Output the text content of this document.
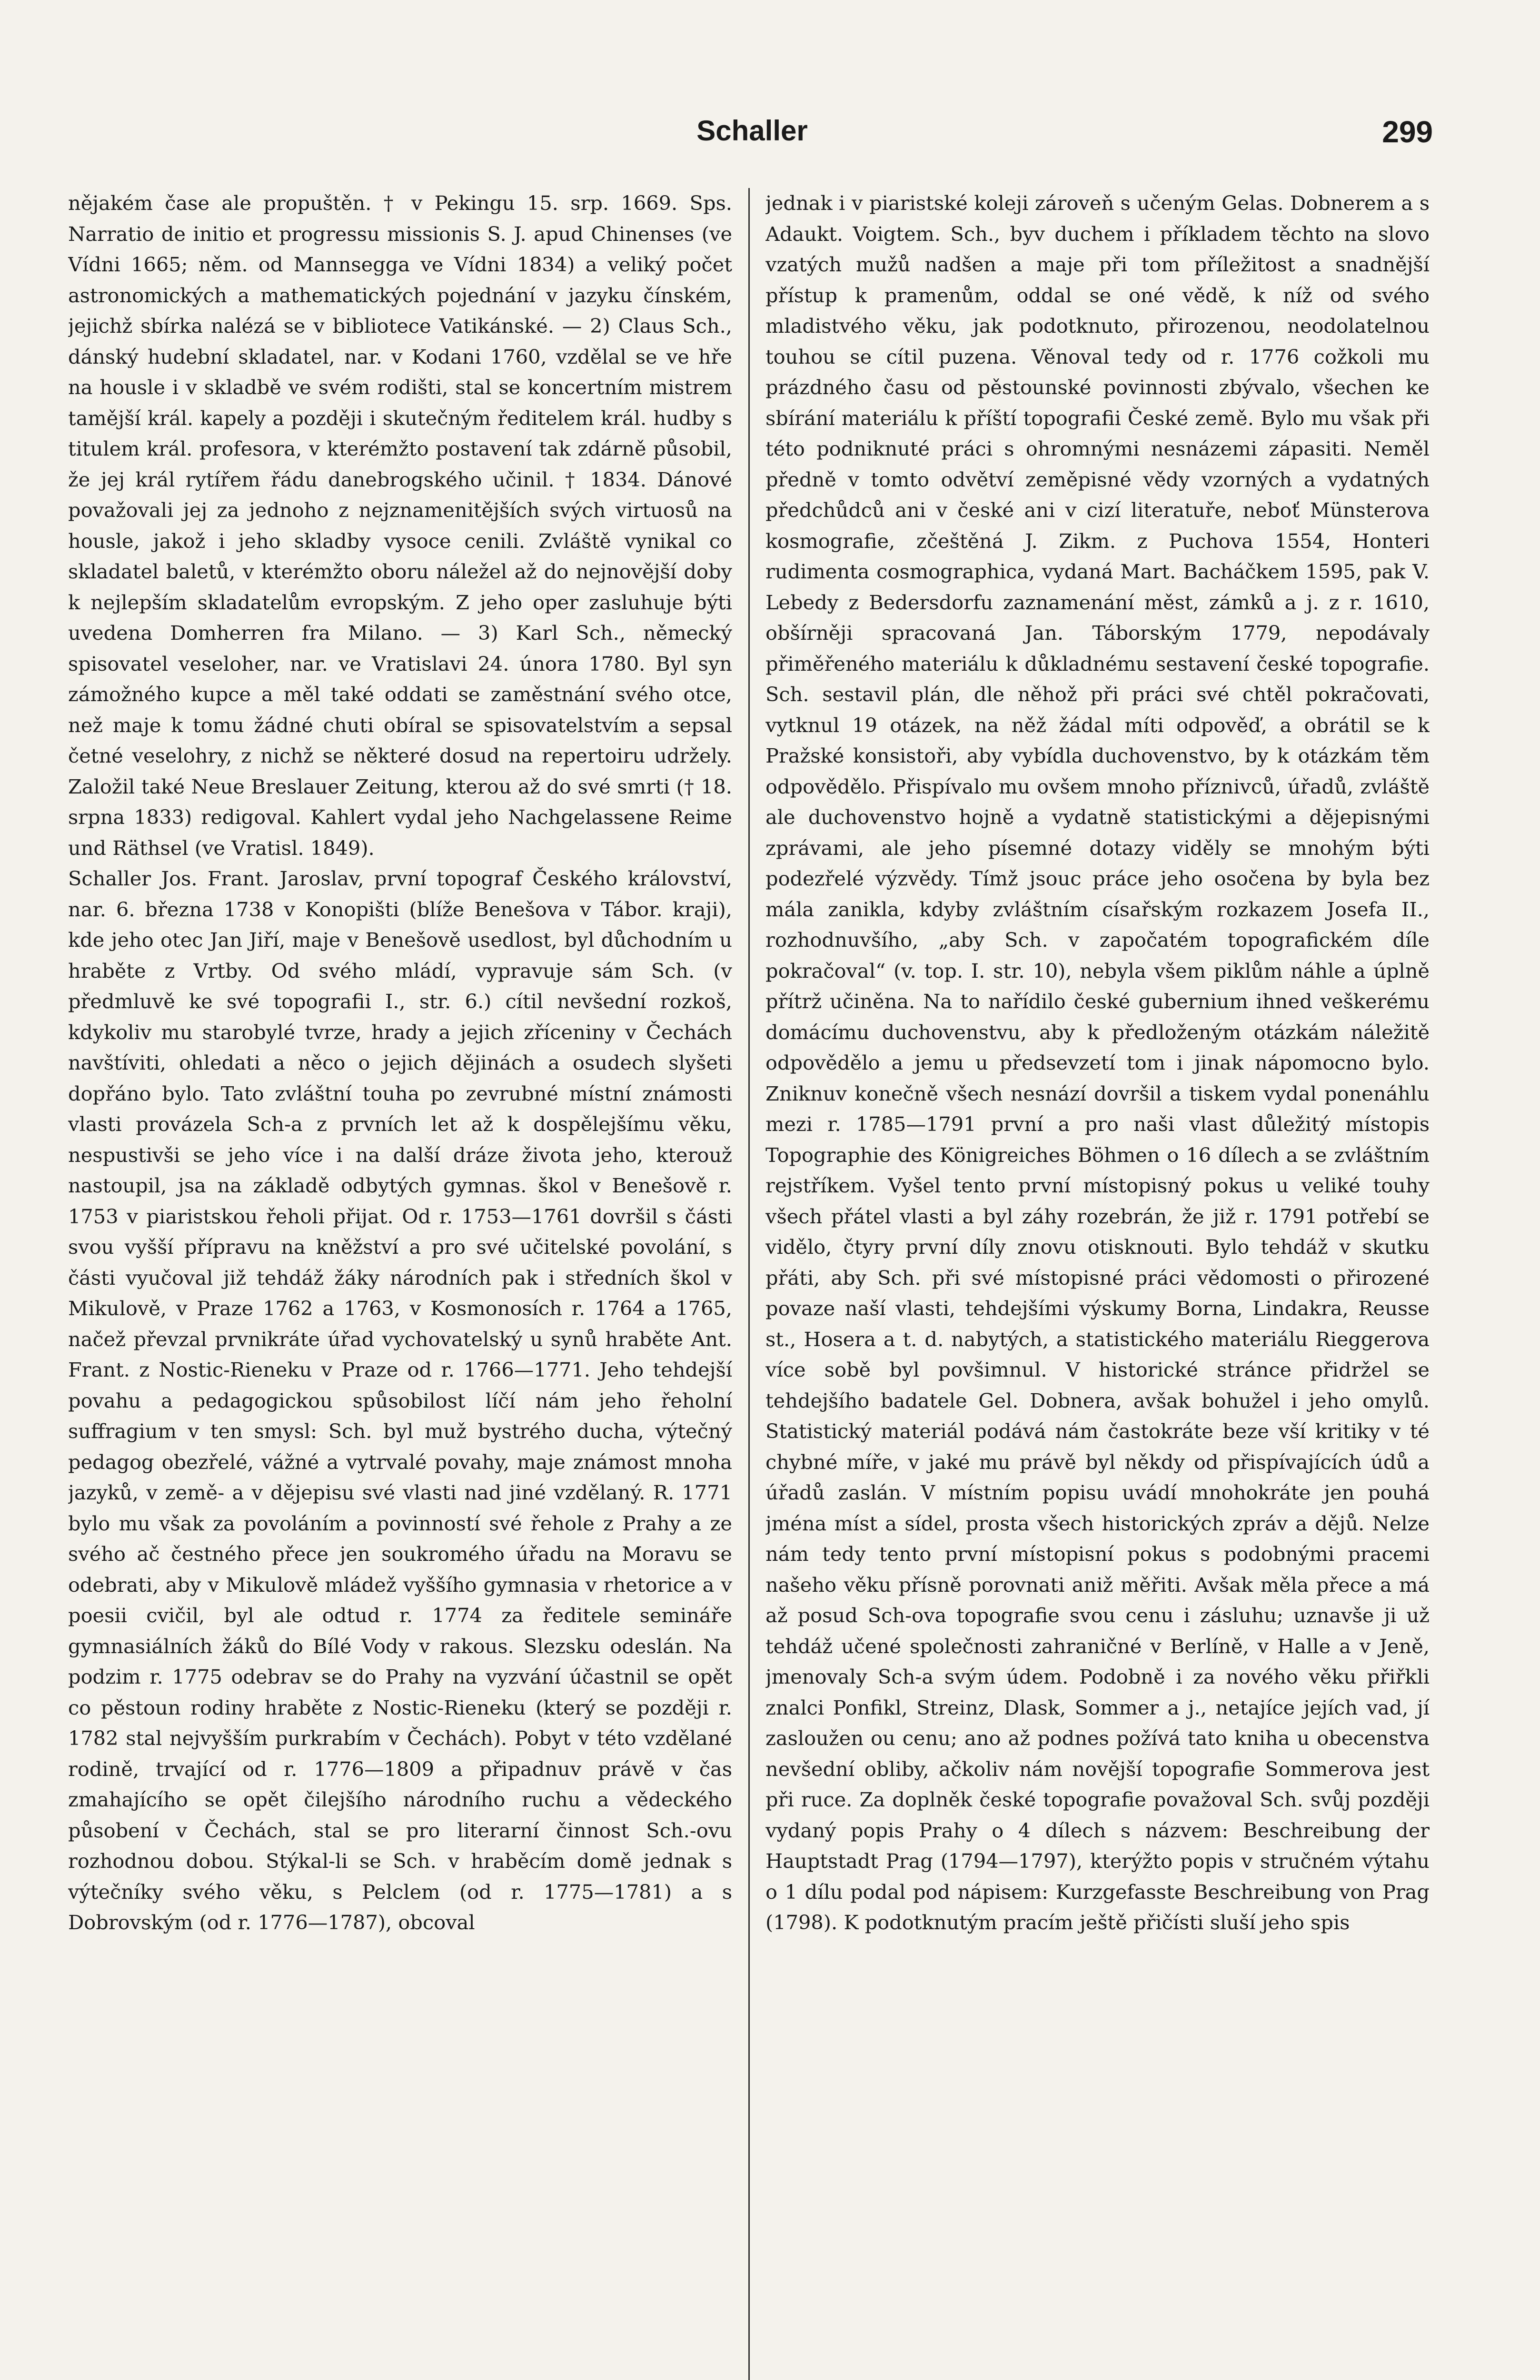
Schaller	299

nějakém čase ale propuštěn. † v Pekingu 15. srp. 1669. Sps. Narratio de initio et progressu missionis S. J. apud Chinenses (ve Vídni 1665; něm. od Mannsegga ve Vídni 1834) a veliký počet astronomických a mathematických pojednání v jazyku čínském, jejichž sbírka nalézá se v bibliotece Vatikánské. — 2) Claus Sch., dánský hudební skladatel, nar. v Kodani 1760, vzdělal se ve hře na housle i v skladbě ve svém rodišti, stal se koncertním mistrem tamější král. kapely a později i skutečným ředitelem král. hudby s titulem král. profesora, v kterémžto postavení tak zdárně působil, že jej král rytířem řádu danebrogského učinil. † 1834. Dánové považovali jej za jednoho z nejznamenitějších svých virtuosů na housle, jakož i jeho skladby vysoce cenili. Zvláště vynikal co skladatel baletů, v kterémžto oboru náležel až do nejnovější doby k nejlepším skladatelům evropským. Z jeho oper zasluhuje býti uvedena Domherren fra Milano. — 3) Karl Sch., německý spisovatel veseloher, nar. ve Vratislavi 24. února 1780. Byl syn zámožného kupce a měl také oddati se zaměstnání svého otce, než maje k tomu žádné chuti obíral se spisovatelstvím a sepsal četné veselohry, z nichž se některé dosud na repertoiru udržely. Založil také Neue Breslauer Zeitung, kterou až do své smrti († 18. srpna 1833) redigoval. Kahlert vydal jeho Nachgelassene Reime und Räthsel (ve Vratisl. 1849).

Schaller Jos. Frant. Jaroslav, první topograf Českého království, nar. 6. března 1738 v Konopišti (blíže Benešova v Tábor. kraji), kde jeho otec Jan Jiří, maje v Benešově usedlost, byl důchodním u hraběte z Vrtby. Od svého mládí, vypravuje sám Sch. (v předmluvě ke své topografii I., str. 6.) cítil nevšední rozkoš, kdykoliv mu starobylé tvrze, hrady a jejich zříceniny v Čechách navštíviti, ohledati a něco o jejich dějinách a osudech slyšeti dopřáno bylo. Tato zvláštní touha po zevrubné místní známosti vlasti provázela Sch-a z prvních let až k dospělejšímu věku, nespustivši se jeho více i na další dráze života jeho, kterouž nastoupil, jsa na základě odbytých gymnas. škol v Benešově r. 1753 v piaristskou řeholi přijat. Od r. 1753—1761 dovršil s části svou vyšší přípravu na kněžství a pro své učitelské povolání, s části vyučoval již tehdáž žáky národních pak i středních škol v Mikulově, v Praze 1762 a 1763, v Kosmonosích r. 1764 a 1765, načež převzal prvnikráte úřad vychovatelský u synů hraběte Ant. Frant. z Nostic-Rieneku v Praze od r. 1766—1771. Jeho tehdejší povahu a pedagogickou spůsobilost líčí nám jeho řeholní suffragium v ten smysl: Sch. byl muž bystrého ducha, výtečný pedagog obezřelé, vážné a vytrvalé povahy, maje známost mnoha jazyků, v země- a v dějepisu své vlasti nad jiné vzdělaný. R. 1771 bylo mu však za povoláním a povinností své řehole z Prahy a ze svého ač čestného přece jen soukromého úřadu na Moravu se odebrati, aby v Mikulově mládež vyššího gymnasia v rhetorice a v poesii cvičil, byl ale odtud r. 1774 za ředitele semináře gymnasiálních žáků do Bílé Vody v rakous. Slezsku odeslán. Na podzim r. 1775 odebrav se do Prahy na vyzvání účastnil se opět co pěstoun rodiny hraběte z Nostic-Rieneku (který se později r. 1782 stal nejvyšším purkrabím v Čechách). Pobyt v této vzdělané rodině, trvající od r. 1776—1809 a připadnuv právě v čas zmahajícího se opět čilejšího národního ruchu a vědeckého působení v Čechách, stal se pro literarní činnost Sch.-ovu rozhodnou dobou. Stýkal-li se Sch. v hraběcím domě jednak s výtečníky svého věku, s Pelclem (od r. 1775—1781) a s Dobrovským (od r. 1776—1787), obcoval

jednak i v piaristské koleji zároveň s učeným Gelas. Dobnerem a s Adaukt. Voigtem. Sch., byv duchem i příkladem těchto na slovo vzatých mužů nadšen a maje při tom příležitost a snadnější přístup k pramenům, oddal se oné vědě, k níž od svého mladistvého věku, jak podotknuto, přirozenou, neodolatelnou touhou se cítil puzena. Věnoval tedy od r. 1776 cožkoli mu prázdného času od pěstounské povinnosti zbývalo, všechen ke sbírání materiálu k příští topografii České země. Bylo mu však při této podniknuté práci s ohromnými nesnázemi zápasiti. Neměl předně v tomto odvětví zeměpisné vědy vzorných a vydatných předchůdců ani v české ani v cizí literatuře, neboť Münsterova kosmografie, zčeštěná J. Zikm. z Puchova 1554, Honteri rudimenta cosmographica, vydaná Mart. Bacháčkem 1595, pak V. Lebedy z Bedersdorfu zaznamenání měst, zámků a j. z r. 1610, obšírněji spracovaná Jan. Táborským 1779, nepodávaly přiměřeného materiálu k důkladnému sestavení české topografie. Sch. sestavil plán, dle něhož při práci své chtěl pokračovati, vytknul 19 otázek, na něž žádal míti odpověď, a obrátil se k Pražské konsistoři, aby vybídla duchovenstvo, by k otázkám těm odpovědělo. Přispívalo mu ovšem mnoho příznivců, úřadů, zvláště ale duchovenstvo hojně a vydatně statistickými a dějepisnými zprávami, ale jeho písemné dotazy viděly se mnohým býti podezřelé výzvědy. Tímž jsouc práce jeho osočena by byla bez mála zanikla, kdyby zvláštním císařským rozkazem Josefa II., rozhodnuvšího, „aby Sch. v započatém topografickém díle pokračoval“ (v. top. I. str. 10), nebyla všem piklům náhle a úplně přítrž učiněna. Na to nařídilo české gubernium ihned veškerému domácímu duchovenstvu, aby k předloženým otázkám náležitě odpovědělo a jemu u předsevzetí tom i jinak nápomocno bylo. Zniknuv konečně všech nesnází dovršil a tiskem vydal ponenáhlu mezi r. 1785—1791 první a pro naši vlast důležitý místopis Topographie des Königreiches Böhmen o 16 dílech a se zvláštním rejstříkem. Vyšel tento první místopisný pokus u veliké touhy všech přátel vlasti a byl záhy rozebrán, že již r. 1791 potřebí se vidělo, čtyry první díly znovu otisknouti. Bylo tehdáž v skutku přáti, aby Sch. při své místopisné práci vědomosti o přirozené povaze naší vlasti, tehdejšími výskumy Borna, Lindakra, Reusse st., Hosera a t. d. nabytých, a statistického materiálu Rieggerova více sobě byl povšimnul. V historické stránce přidržel se tehdejšího badatele Gel. Dobnera, avšak bohužel i jeho omylů. Statistický materiál podává nám častokráte beze vší kritiky v té chybné míře, v jaké mu právě byl někdy od přispívajících údů a úřadů zaslán. V místním popisu uvádí mnohokráte jen pouhá jména míst a sídel, prosta všech historických zpráv a dějů. Nelze nám tedy tento první místopisní pokus s podobnými pracemi našeho věku přísně porovnati aniž měřiti. Avšak měla přece a má až posud Sch-ova topografie svou cenu i zásluhu; uznavše ji už tehdáž učené společnosti zahraničné v Berlíně, v Halle a v Jeně, jmenovaly Sch-a svým údem. Podobně i za nového věku přiřkli znalci Ponfikl, Streinz, Dlask, Sommer a j., netajíce jejích vad, jí zasloužen ou cenu; ano až podnes požívá tato kniha u obecenstva nevšední obliby, ačkoliv nám novější topografie Sommerova jest při ruce. Za doplněk české topografie považoval Sch. svůj později vydaný popis Prahy o 4 dílech s názvem: Beschreibung der Hauptstadt Prag (1794—1797), kterýžto popis v stručném výtahu o 1 dílu podal pod nápisem: Kurzgefasste Beschreibung von Prag (1798). K podotknutým pracím ještě přičísti sluší jeho spis
